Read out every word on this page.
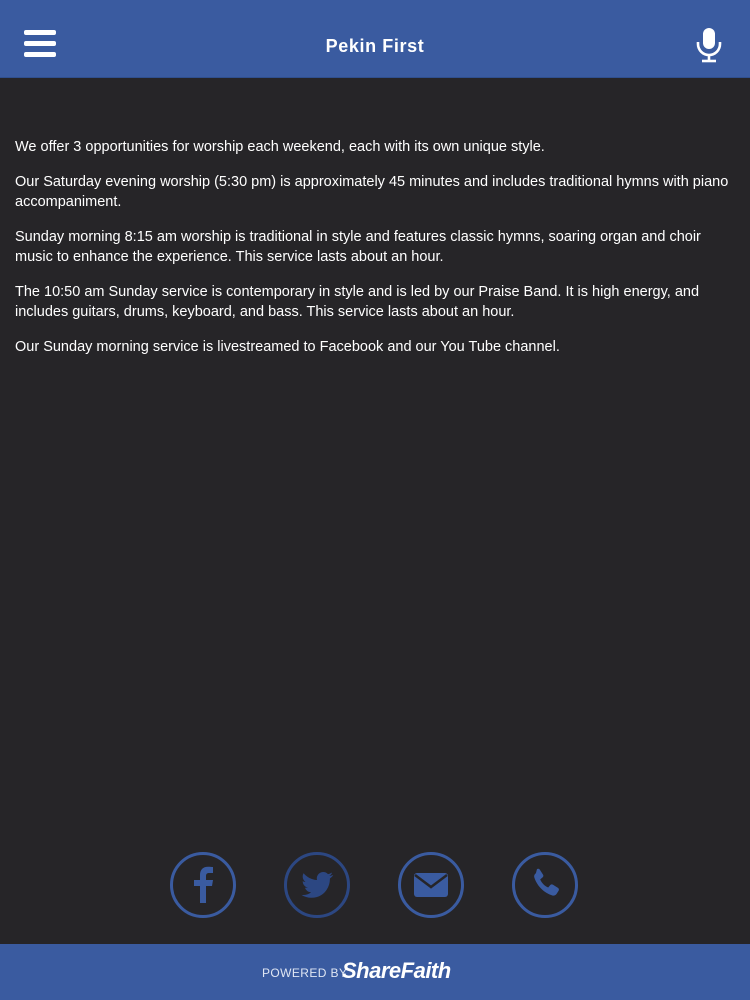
Pekin First

We offer 3 opportunities for worship each weekend, each with its own unique style.

Our Saturday evening worship (5:30 pm) is approximately 45 minutes and includes traditional hymns with piano accompaniment.

Sunday morning 8:15 am worship is traditional in style and features classic hymns, soaring organ and choir music to enhance the experience. This service lasts about an hour.

The 10:50 am Sunday service is contemporary in style and is led by our Praise Band. It is high energy, and includes guitars, drums, keyboard, and bass. This service lasts about an hour.

Our Sunday morning service is livestreamed to Facebook and our You Tube channel.

POWERED BY
ShareFaith
